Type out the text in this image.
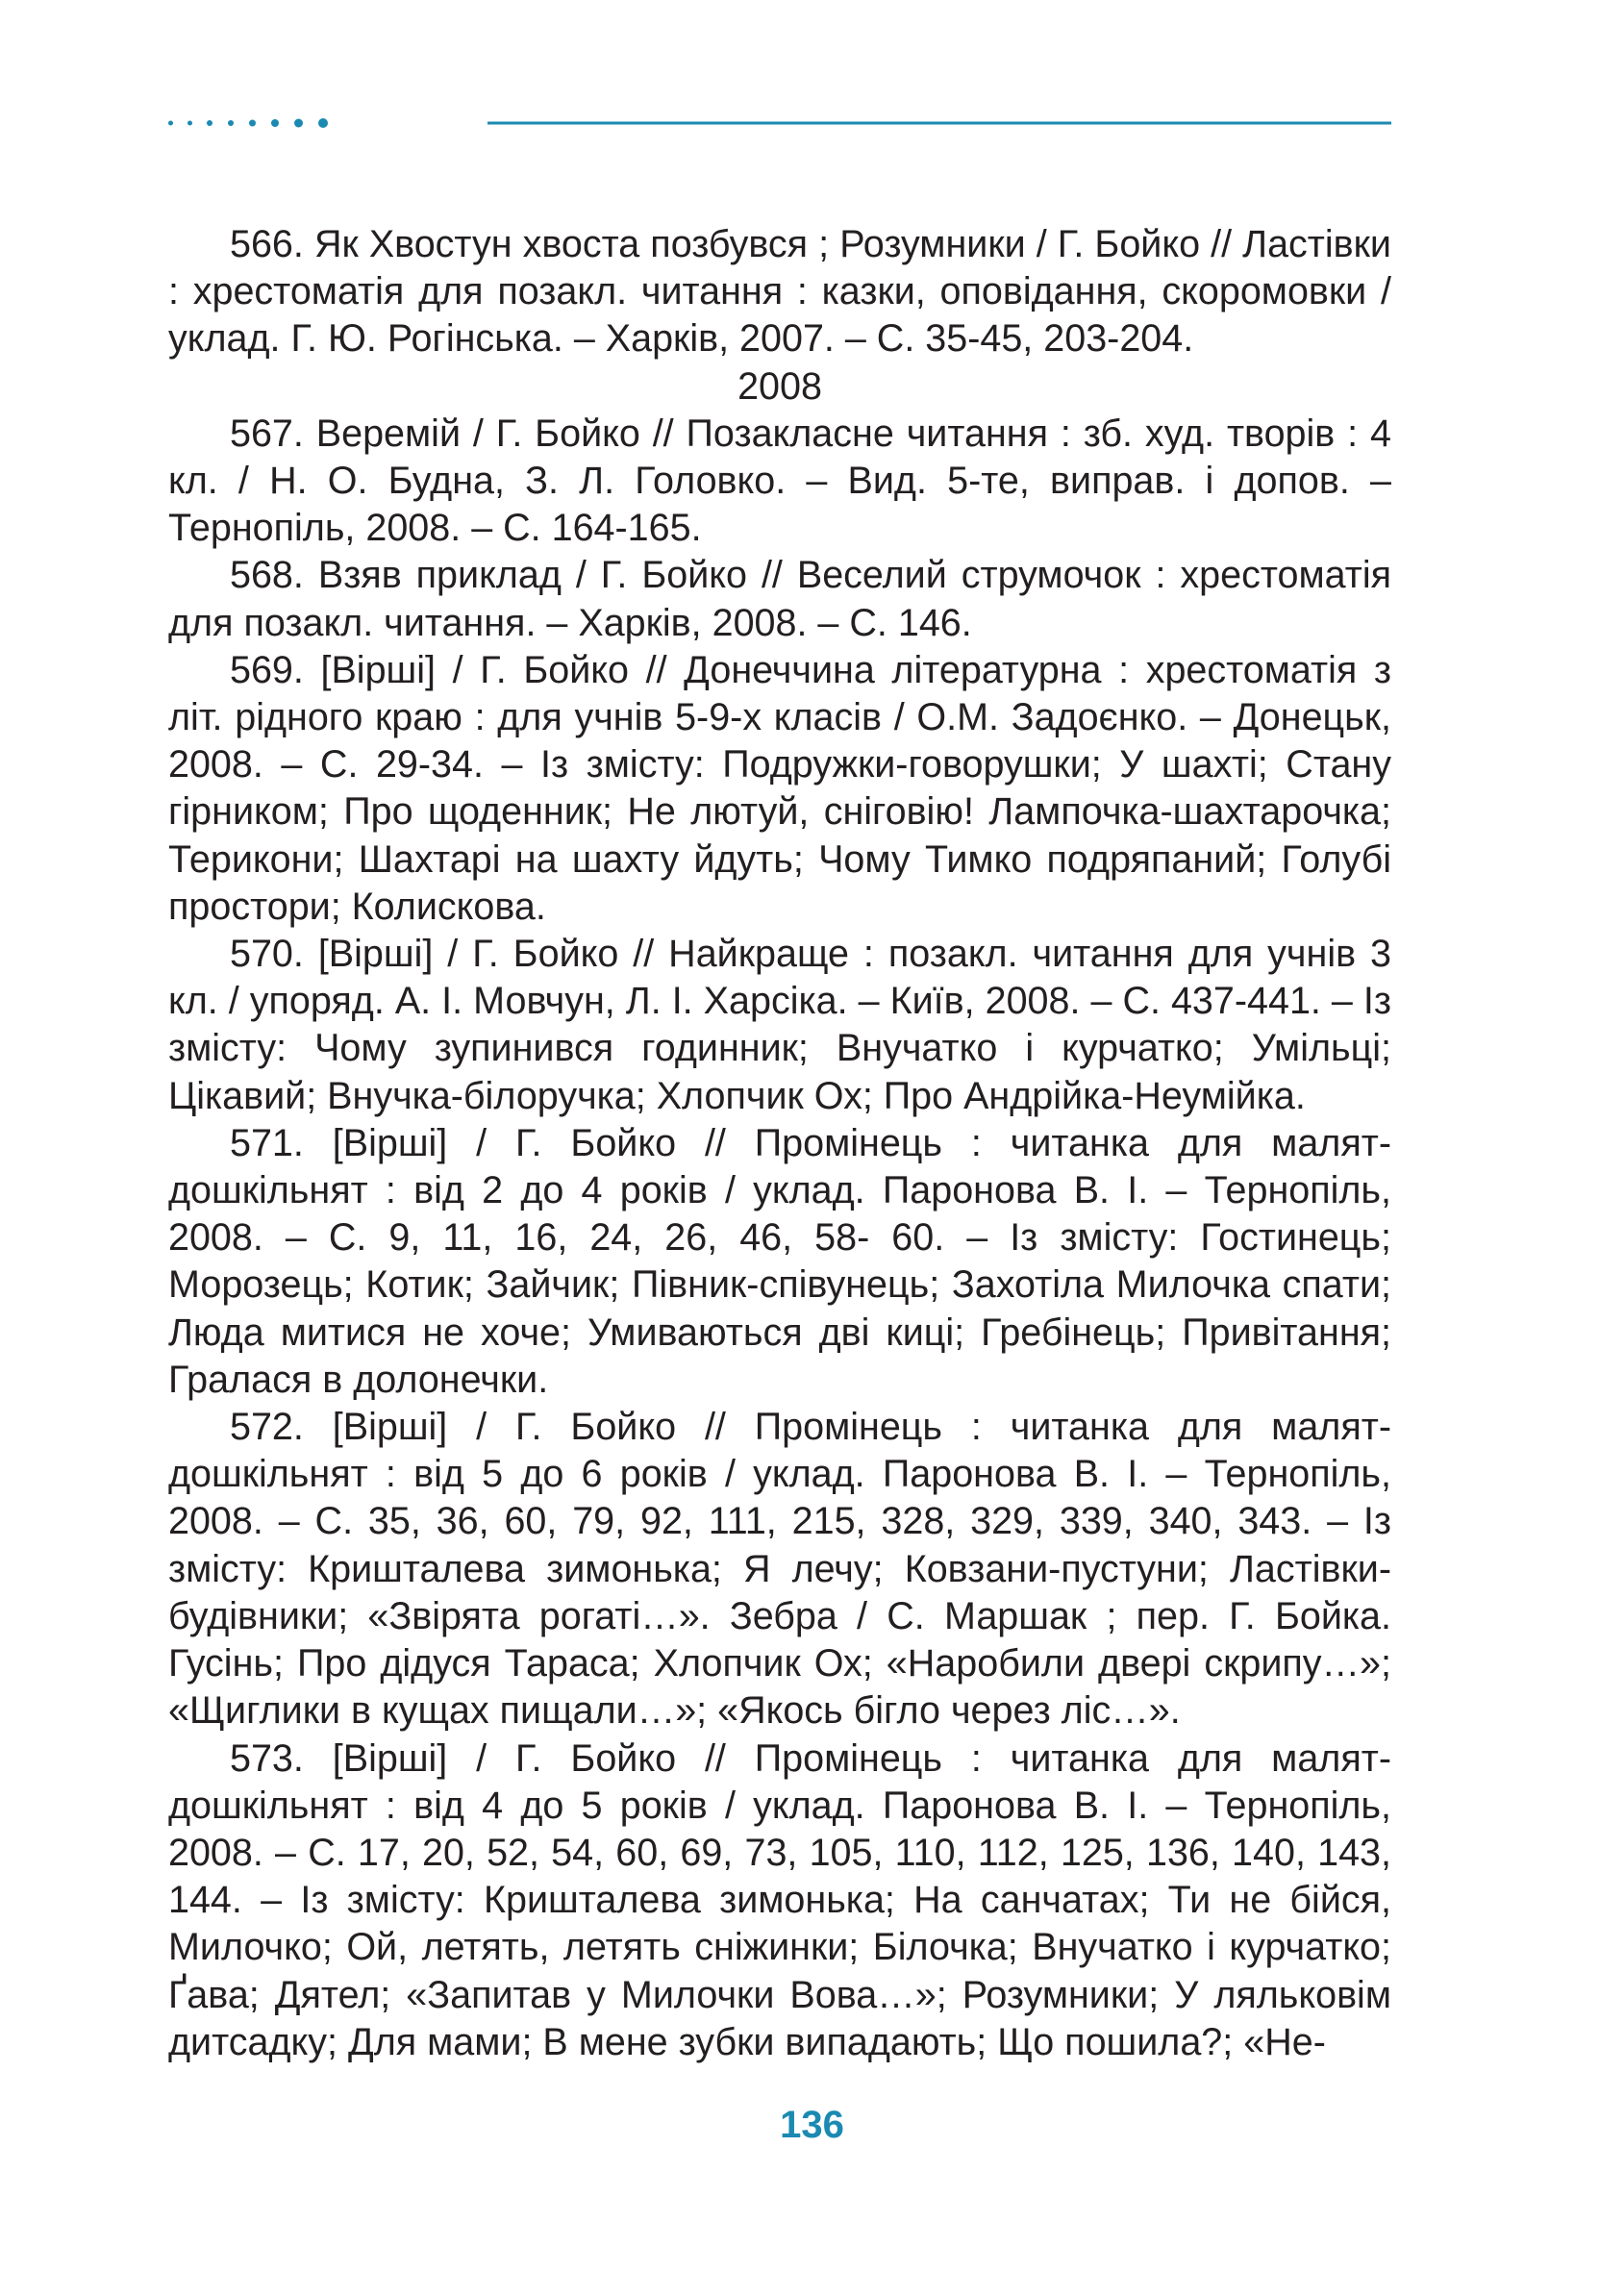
566. Як Хвостун хвоста позбувся ; Розумники / Г. Бойко // Ластівки : хрестоматія для позакл. читання : казки, оповідання, скоромовки / уклад. Г. Ю. Рогінська. – Харків, 2007. – С. 35-45, 203-204.

2008

567. Веремій / Г. Бойко // Позакласне читання : зб. худ. творів : 4 кл. / Н. О. Будна, З. Л. Головко. – Вид. 5-те, виправ. і допов. – Тернопіль, 2008. – С. 164-165.

568. Взяв приклад / Г. Бойко // Веселий струмочок : хрестоматія для позакл. читання. – Харків, 2008. – С. 146.

569. [Вірші] / Г. Бойко // Донеччина літературна : хрестоматія з літ. рідного краю : для учнів 5-9-х класів / О.М. Задоєнко. – Донецьк, 2008. – С. 29-34. – Із змісту: Подружки-говорушки; У шахті; Стану гірником; Про щоденник; Не лютуй, сніговію! Лампочка-шахтарочка; Терикони; Шахтарі на шахту йдуть; Чому Тимко подряпаний; Голубі простори; Колискова.

570. [Вірші] / Г. Бойко // Найкраще : позакл. читання для учнів 3 кл. / упоряд. А. І. Мовчун, Л. І. Харсіка. – Київ, 2008. – С. 437-441. – Із змісту: Чому зупинився годинник; Внучатко і курчатко; Умільці; Цікавий; Внучка-білоручка; Хлопчик Ох; Про Андрійка-Неумійка.

571. [Вірші] / Г. Бойко // Промінець : читанка для малят-дошкільнят : від 2 до 4 років / уклад. Паронова В. І. – Тернопіль, 2008. – С. 9, 11, 16, 24, 26, 46, 58- 60. – Із змісту: Гостинець; Морозець; Котик; Зайчик; Півник-співунець; Захотіла Милочка спати; Люда митися не хоче; Умиваються дві киці; Гребінець; Привітання; Гралася в долонечки.

572. [Вірші] / Г. Бойко // Промінець : читанка для малят-дошкільнят : від 5 до 6 років / уклад. Паронова В. І. – Тернопіль, 2008. – С. 35, 36, 60, 79, 92, 111, 215, 328, 329, 339, 340, 343. – Із змісту: Кришталева зимонька; Я лечу; Ковзани-пустуни; Ластівки-будівники; «Звірята рогаті…». Зебра / С. Маршак ; пер. Г. Бойка. Гусінь; Про дідуся Тараса; Хлопчик Ох; «Наробили двері скрипу…»; «Щиглики в кущах пищали…»; «Якось бігло через ліс…».

573. [Вірші] / Г. Бойко // Промінець : читанка для малят-дошкільнят : від 4 до 5 років / уклад. Паронова В. І. – Тернопіль, 2008. – С. 17, 20, 52, 54, 60, 69, 73, 105, 110, 112, 125, 136, 140, 143, 144. – Із змісту: Кришталева зимонька; На санчатах; Ти не бійся, Милочко; Ой, летять, летять сніжинки; Білочка; Внучатко і курчатко; Ґава; Дятел; «Запитав у Милочки Вова…»; Розумники; У ляльковім дитсадку; Для мами; В мене зубки випадають; Що пошила?; «Не-

136
